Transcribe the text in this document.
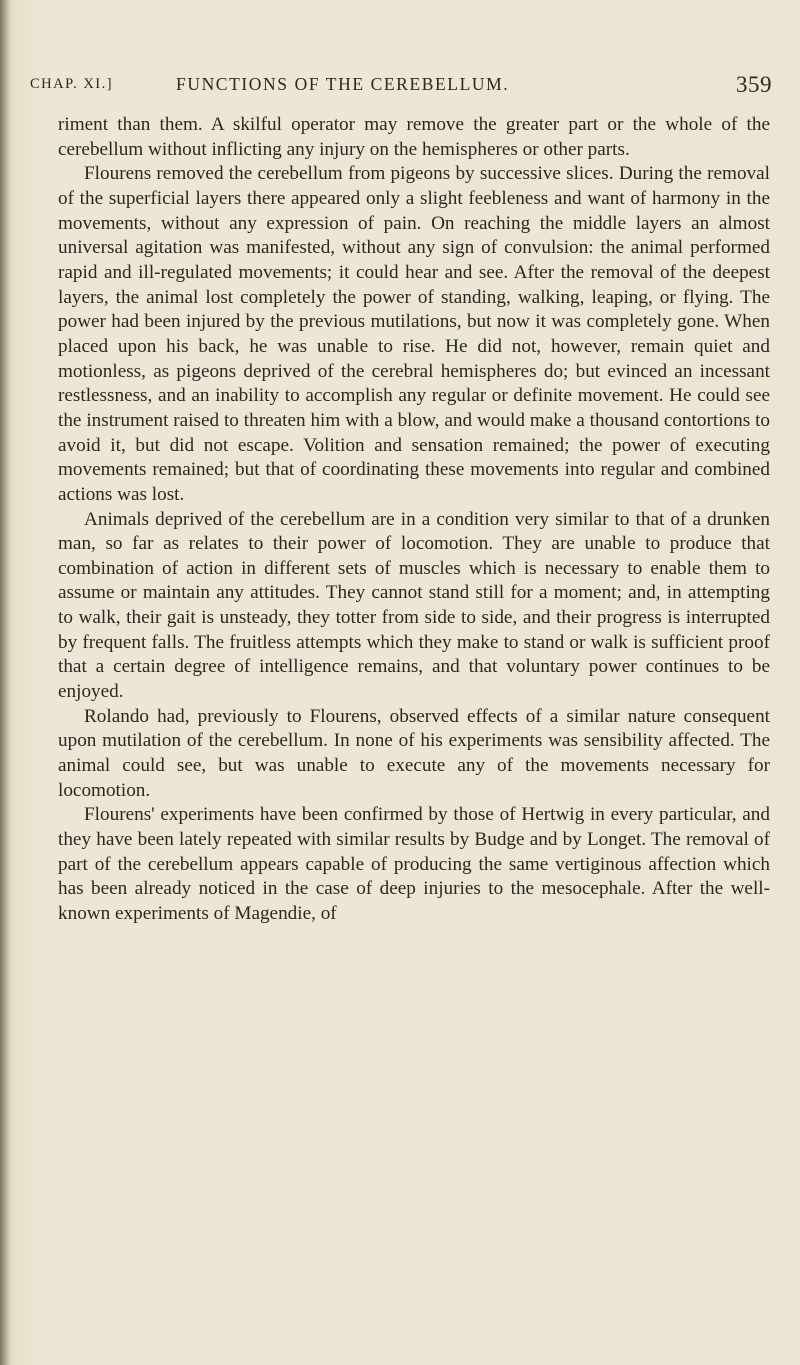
CHAP. XI.]	FUNCTIONS OF THE CEREBELLUM.	359

riment than them. A skilful operator may remove the greater part or the whole of the cerebellum without inflicting any injury on the hemispheres or other parts.

Flourens removed the cerebellum from pigeons by successive slices. During the removal of the superficial layers there appeared only a slight feebleness and want of harmony in the movements, without any expression of pain. On reaching the middle layers an almost universal agitation was manifested, without any sign of convulsion: the animal performed rapid and ill-regulated movements; it could hear and see. After the removal of the deepest layers, the animal lost completely the power of standing, walking, leaping, or flying. The power had been injured by the previous mutilations, but now it was completely gone. When placed upon his back, he was unable to rise. He did not, however, remain quiet and motionless, as pigeons deprived of the cerebral hemispheres do; but evinced an incessant restlessness, and an inability to accomplish any regular or definite movement. He could see the instrument raised to threaten him with a blow, and would make a thousand contortions to avoid it, but did not escape. Volition and sensation remained; the power of executing movements remained; but that of coordinating these movements into regular and combined actions was lost.

Animals deprived of the cerebellum are in a condition very similar to that of a drunken man, so far as relates to their power of locomotion. They are unable to produce that combination of action in different sets of muscles which is necessary to enable them to assume or maintain any attitudes. They cannot stand still for a moment; and, in attempting to walk, their gait is unsteady, they totter from side to side, and their progress is interrupted by frequent falls. The fruitless attempts which they make to stand or walk is sufficient proof that a certain degree of intelligence remains, and that voluntary power continues to be enjoyed.

Rolando had, previously to Flourens, observed effects of a similar nature consequent upon mutilation of the cerebellum. In none of his experiments was sensibility affected. The animal could see, but was unable to execute any of the movements necessary for locomotion.

Flourens' experiments have been confirmed by those of Hertwig in every particular, and they have been lately repeated with similar results by Budge and by Longet. The removal of part of the cerebellum appears capable of producing the same vertiginous affection which has been already noticed in the case of deep injuries to the mesocephale. After the well-known experiments of Magendie, of
